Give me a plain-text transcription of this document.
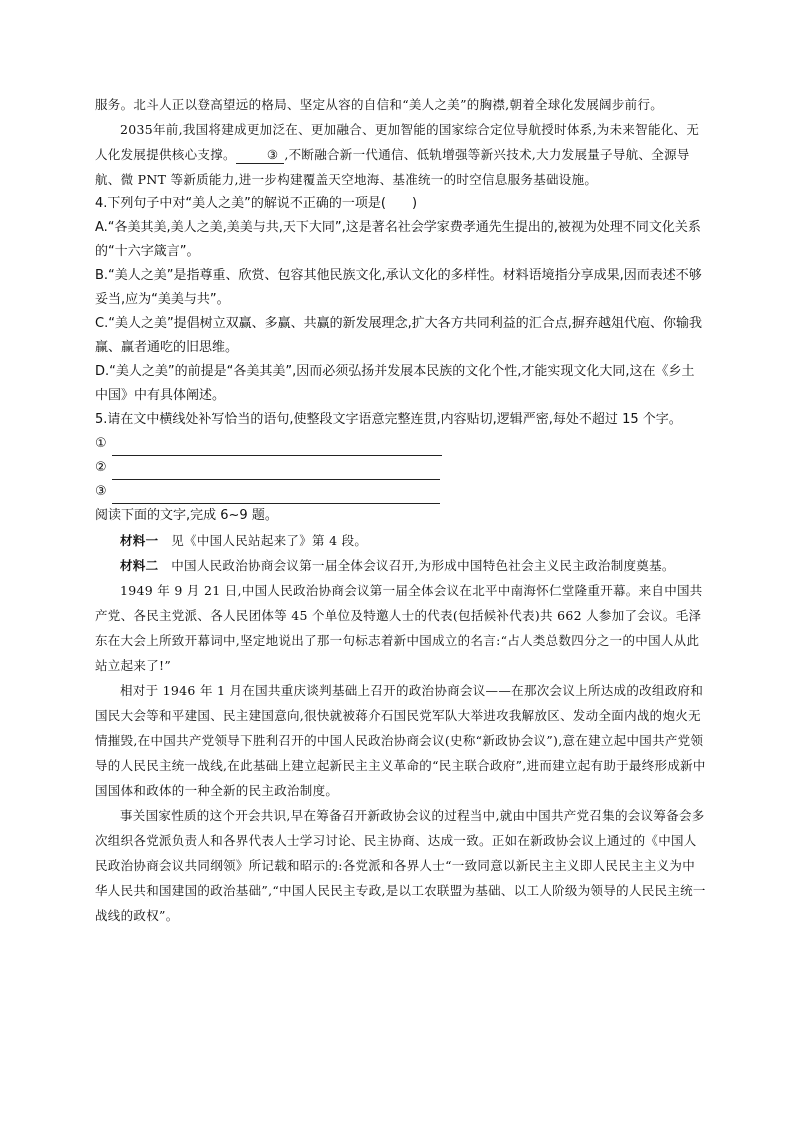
服务。北斗人正以登高望远的格局、坚定从容的自信和“美人之美”的胸襟,朝着全球化发展阔步前行。

2035年前,我国将建成更加泛在、更加融合、更加智能的国家综合定位导航授时体系,为未来智能化、无人化发展提供核心支撑。 ③ ,不断融合新一代通信、低轨增强等新兴技术,大力发展量子导航、全源导航、微 PNT 等新质能力,进一步构建覆盖天空地海、基准统一的时空信息服务基础设施。

4.下列句子中对“美人之美”的解说不正确的一项是(　　)

A.“各美其美,美人之美,美美与共,天下大同”,这是著名社会学家费孝通先生提出的,被视为处理不同文化关系的“十六字箴言”。

B.“美人之美”是指尊重、欣赏、包容其他民族文化,承认文化的多样性。材料语境指分享成果,因而表述不够妥当,应为“美美与共”。

C.“美人之美”提倡树立双赢、多赢、共赢的新发展理念,扩大各方共同利益的汇合点,摒弃越俎代庖、你输我赢、赢者通吃的旧思维。

D.“美人之美”的前提是“各美其美”,因而必须弘扬并发展本民族的文化个性,才能实现文化大同,这在《乡土中国》中有具体阐述。

5.请在文中横线处补写恰当的语句,使整段文字语意完整连贯,内容贴切,逻辑严密,每处不超过 15 个字。

①
②
③

阅读下面的文字,完成 6~9 题。

材料一　 见《中国人民站起来了》第 4 段。

材料二　 中国人民政治协商会议第一届全体会议召开,为形成中国特色社会主义民主政治制度奠基。

1949 年 9 月 21 日,中国人民政治协商会议第一届全体会议在北平中南海怀仁堂隆重开幕。来自中国共产党、各民主党派、各人民团体等 45 个单位及特邀人士的代表(包括候补代表)共 662 人参加了会议。毛泽东在大会上所致开幕词中,坚定地说出了那一句标志着新中国成立的名言:“占人类总数四分之一的中国人从此站立起来了!”

相对于 1946 年 1 月在国共重庆谈判基础上召开的政治协商会议——在那次会议上所达成的改组政府和国民大会等和平建国、民主建国意向,很快就被蒋介石国民党军队大举进攻我解放区、发动全面内战的炮火无情摧毁,在中国共产党领导下胜利召开的中国人民政治协商会议(史称“新政协会议”),意在建立起中国共产党领导的人民民主统一战线,在此基础上建立起新民主主义革命的“民主联合政府”,进而建立起有助于最终形成新中国国体和政体的一种全新的民主政治制度。

事关国家性质的这个开会共识,早在筹备召开新政协会议的过程当中,就由中国共产党召集的会议筹备会多次组织各党派负责人和各界代表人士学习讨论、民主协商、达成一致。正如在新政协会议上通过的《中国人民政治协商会议共同纲领》所记载和昭示的:各党派和各界人士“一致同意以新民主主义即人民民主主义为中华人民共和国建国的政治基础”,“中国人民民主专政,是以工农联盟为基础、以工人阶级为领导的人民民主统一战线的政权”。
